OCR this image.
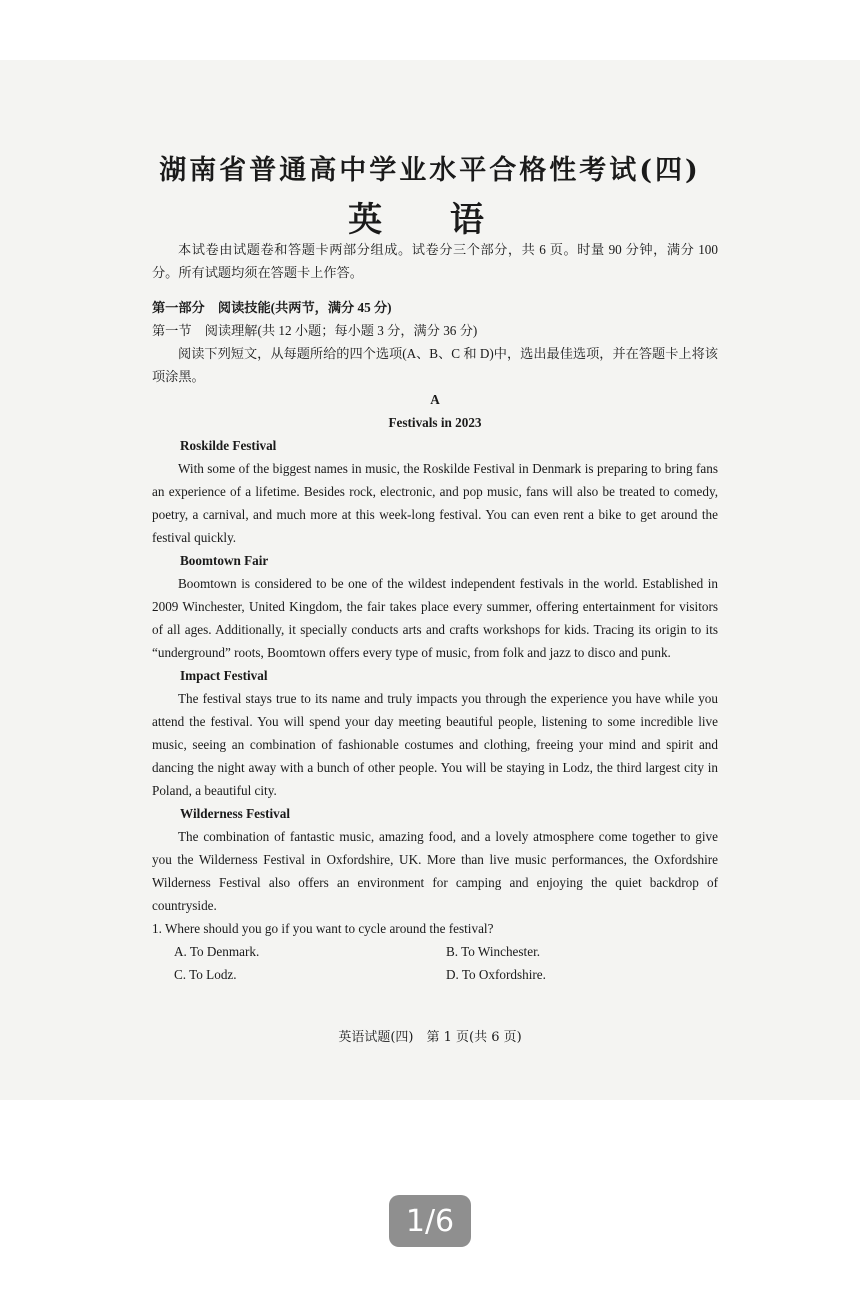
湖南省普通高中学业水平合格性考试(四)
英 语

本试卷由试题卷和答题卡两部分组成。试卷分三个部分，共 6 页。时量 90 分钟，满分 100 分。所有试题均须在答题卡上作答。

第一部分　阅读技能(共两节，满分 45 分)

第一节　阅读理解(共 12 小题；每小题 3 分，满分 36 分)

阅读下列短文，从每题所给的四个选项(A、B、C 和 D)中，选出最佳选项，并在答题卡上将该项涂黑。

A

Festivals in 2023

Roskilde Festival

With some of the biggest names in music, the Roskilde Festival in Denmark is preparing to bring fans an experience of a lifetime. Besides rock, electronic, and pop music, fans will also be treated to comedy, poetry, a carnival, and much more at this week-long festival. You can even rent a bike to get around the festival quickly.

Boomtown Fair

Boomtown is considered to be one of the wildest independent festivals in the world. Established in 2009 Winchester, United Kingdom, the fair takes place every summer, offering entertainment for visitors of all ages. Additionally, it specially conducts arts and crafts workshops for kids. Tracing its origin to its “underground” roots, Boomtown offers every type of music, from folk and jazz to disco and punk.

Impact Festival

The festival stays true to its name and truly impacts you through the experience you have while you attend the festival. You will spend your day meeting beautiful people, listening to some incredible live music, seeing an combination of fashionable costumes and clothing, freeing your mind and spirit and dancing the night away with a bunch of other people. You will be staying in Lodz, the third largest city in Poland, a beautiful city.

Wilderness Festival

The combination of fantastic music, amazing food, and a lovely atmosphere come together to give you the Wilderness Festival in Oxfordshire, UK. More than live music performances, the Oxfordshire Wilderness Festival also offers an environment for camping and enjoying the quiet backdrop of countryside.

1. Where should you go if you want to cycle around the festival?

A. To Denmark.	B. To Winchester.
C. To Lodz.	D. To Oxfordshire.
英语试题(四)　第 1 页(共 6 页)
1/6
